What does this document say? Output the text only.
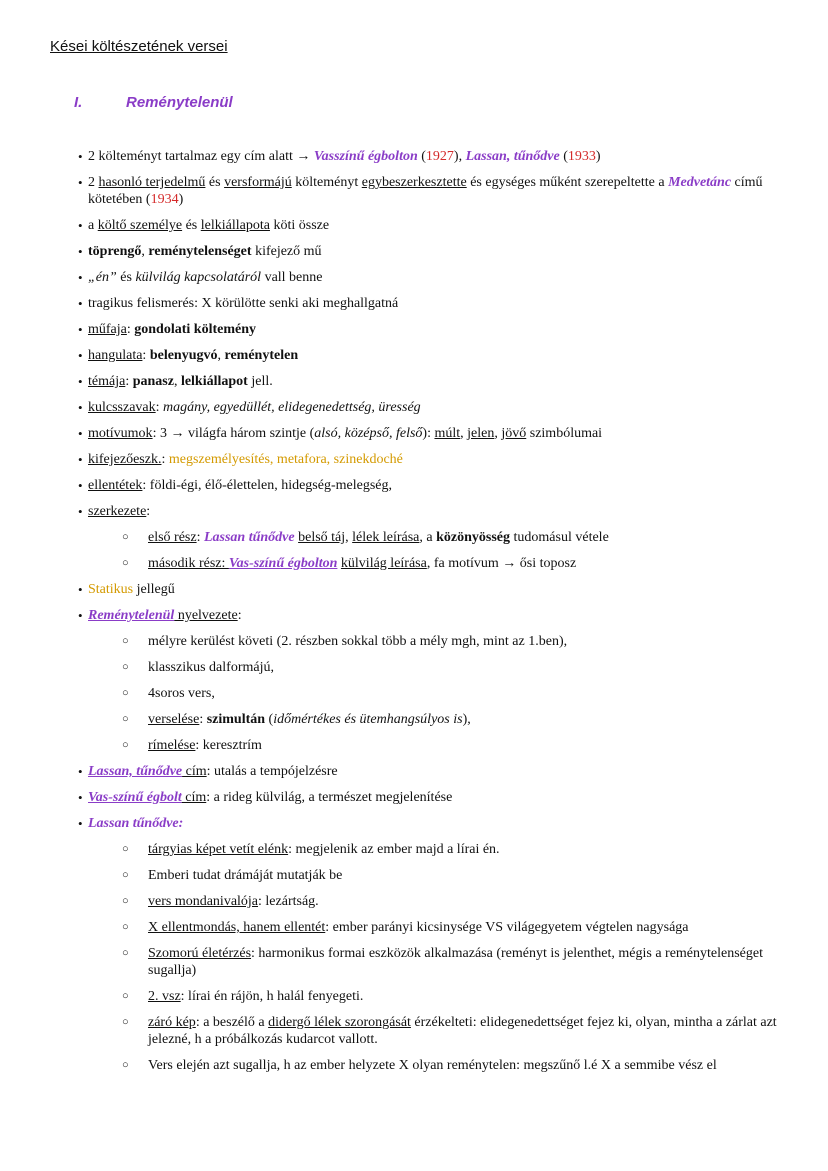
Kései költészetének versei
I.	Reménytelenül
• 2 költeményt tartalmaz egy cím alatt → Vasszínű égbolton (1927), Lassan, tűnődve (1933)
• 2 hasonló terjedelmű és versformájú költeményt egybeszerkesztette és egységes műként szerepeltette a Medvetánc című kötetében (1934)
• a költő személye és lelkiállapota köti össze
• töprengő, reménytelenséget kifejező mű
• „én” és külvilág kapcsolatáról vall benne
• tragikus felismerés: X körülötte senki aki meghallgatná
• műfaja: gondolati költemény
• hangulata: belenyugvó, reménytelen
• témája: panasz, lelkiállapot jell.
• kulcsszavak: magány, egyedüllét, elidegenedettség, üresség
• motívumok: 3 → világfa három szintje (alsó, középső, felső): múlt, jelen, jövő szimbólumai
• kifejezőeszk.: megszemélyesítés, metafora, szinekdoché
• ellentétek: földi-égi, élő-élettelen, hidegség-melegség,
• szerkezete:
○ első rész: Lassan tűnődve belső táj, lélek leírása, a közönyösség tudomásul vétele
○ második rész: Vas-színű égbolton külvilág leírása, fa motívum → ősi toposz
• Statikus jellegű
• Reménytelenül nyelvezete:
○ mélyre kerülést követi (2. részben sokkal több a mély mgh, mint az 1.ben),
○ klasszikus dalformájú,
○ 4soros vers,
○ verselése: szimultán (időmértékes és ütemhangsúlyos is),
○ rímelése: keresztrím
• Lassan, tűnődve cím: utalás a tempójelzésre
• Vas-színű égbolt cím: a rideg külvilág, a természet megjelenítése
• Lassan tűnődve:
○ tárgyias képet vetít elénk: megjelenik az ember majd a lírai én.
○ Emberi tudat drámáját mutatják be
○ vers mondanivalója: lezártság.
○ X ellentmondás, hanem ellentét: ember parányi kicsinysége VS világegyetem végtelen nagysága
○ Szomorú életérzés: harmonikus formai eszközök alkalmazása (reményt is jelenthet, mégis a reménytelenséget sugallja)
○ 2. vsz: lírai én rájön, h halál fenyegeti.
○ záró kép: a beszélő a didergő lélek szorongását érzékelteti: elidegenedettséget fejez ki, olyan, mintha a zárlat azt jelezné, h a próbálkozás kudarcot vallott.
○ Vers elején azt sugallja, h az ember helyzete X olyan reménytelen: megszűnő l.é X a semmibe vész el
